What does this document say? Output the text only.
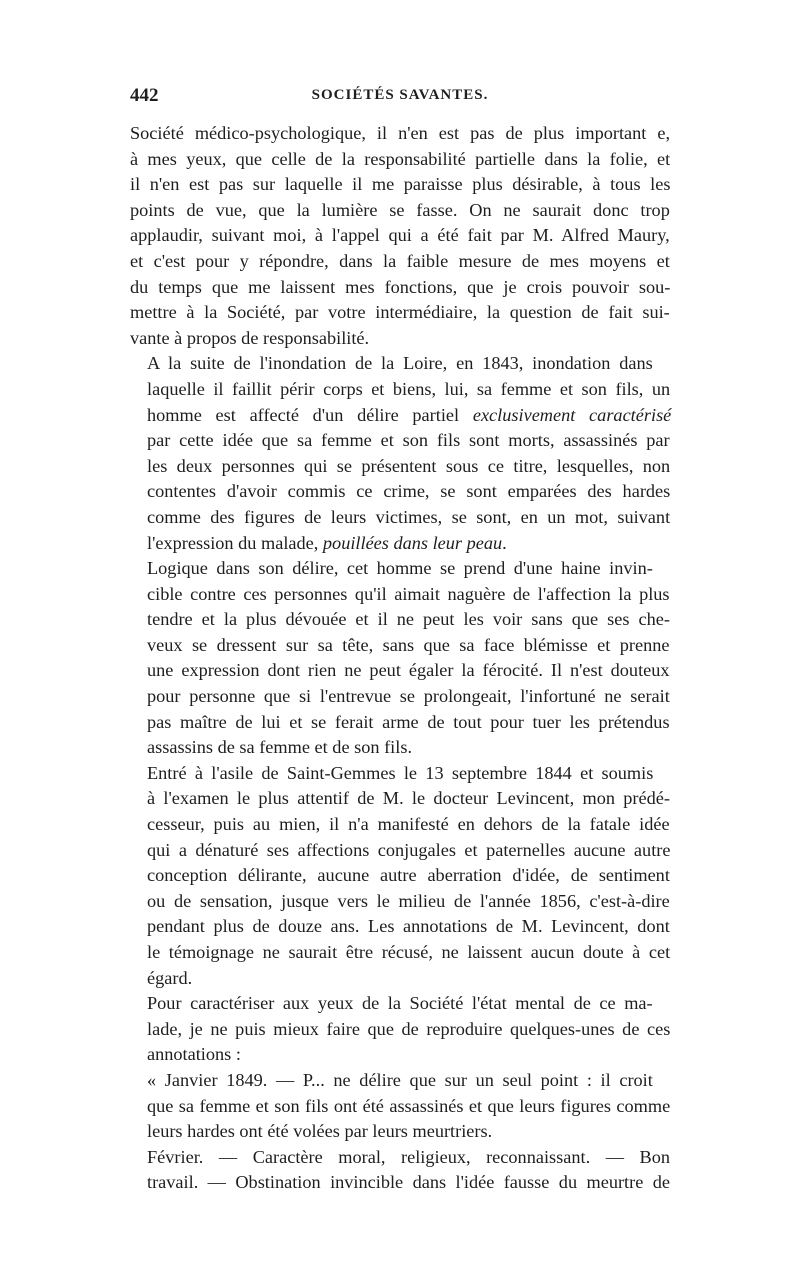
442	SOCIÉTÉS SAVANTES.

Société médico-psychologique, il n'en est pas de plus important e,
à mes yeux, que celle de la responsabilité partielle dans la folie, et
il n'en est pas sur laquelle il me paraisse plus désirable, à tous les
points de vue, que la lumière se fasse. On ne saurait donc trop
applaudir, suivant moi, à l'appel qui a été fait par M. Alfred Maury,
et c'est pour y répondre, dans la faible mesure de mes moyens et
du temps que me laissent mes fonctions, que je crois pouvoir sou-
mettre à la Société, par votre intermédiaire, la question de fait sui-
vante à propos de responsabilité.

A la suite de l'inondation de la Loire, en 1843, inondation dans
laquelle il faillit périr corps et biens, lui, sa femme et son fils, un
homme est affecté d'un délire partiel exclusivement caractérisé
par cette idée que sa femme et son fils sont morts, assassinés par
les deux personnes qui se présentent sous ce titre, lesquelles, non
contentes d'avoir commis ce crime, se sont emparées des hardes
comme des figures de leurs victimes, se sont, en un mot, suivant
l'expression du malade, pouillées dans leur peau.

Logique dans son délire, cet homme se prend d'une haine invin-
cible contre ces personnes qu'il aimait naguère de l'affection la plus
tendre et la plus dévouée et il ne peut les voir sans que ses che-
veux se dressent sur sa tête, sans que sa face blémisse et prenne
une expression dont rien ne peut égaler la férocité. Il n'est douteux
pour personne que si l'entrevue se prolongeait, l'infortuné ne serait
pas maître de lui et se ferait arme de tout pour tuer les prétendus
assassins de sa femme et de son fils.

Entré à l'asile de Saint-Gemmes le 13 septembre 1844 et soumis
à l'examen le plus attentif de M. le docteur Levincent, mon prédé-
cesseur, puis au mien, il n'a manifesté en dehors de la fatale idée
qui a dénaturé ses affections conjugales et paternelles aucune autre
conception délirante, aucune autre aberration d'idée, de sentiment
ou de sensation, jusque vers le milieu de l'année 1856, c'est-à-dire
pendant plus de douze ans. Les annotations de M. Levincent, dont
le témoignage ne saurait être récusé, ne laissent aucun doute à cet
égard.

Pour caractériser aux yeux de la Société l'état mental de ce ma-
lade, je ne puis mieux faire que de reproduire quelques-unes de ces
annotations :

« Janvier 1849. — P... ne délire que sur un seul point : il croit
que sa femme et son fils ont été assassinés et que leurs figures comme
leurs hardes ont été volées par leurs meurtriers.

Février. — Caractère moral, religieux, reconnaissant. — Bon
travail. — Obstination invincible dans l'idée fausse du meurtre de
